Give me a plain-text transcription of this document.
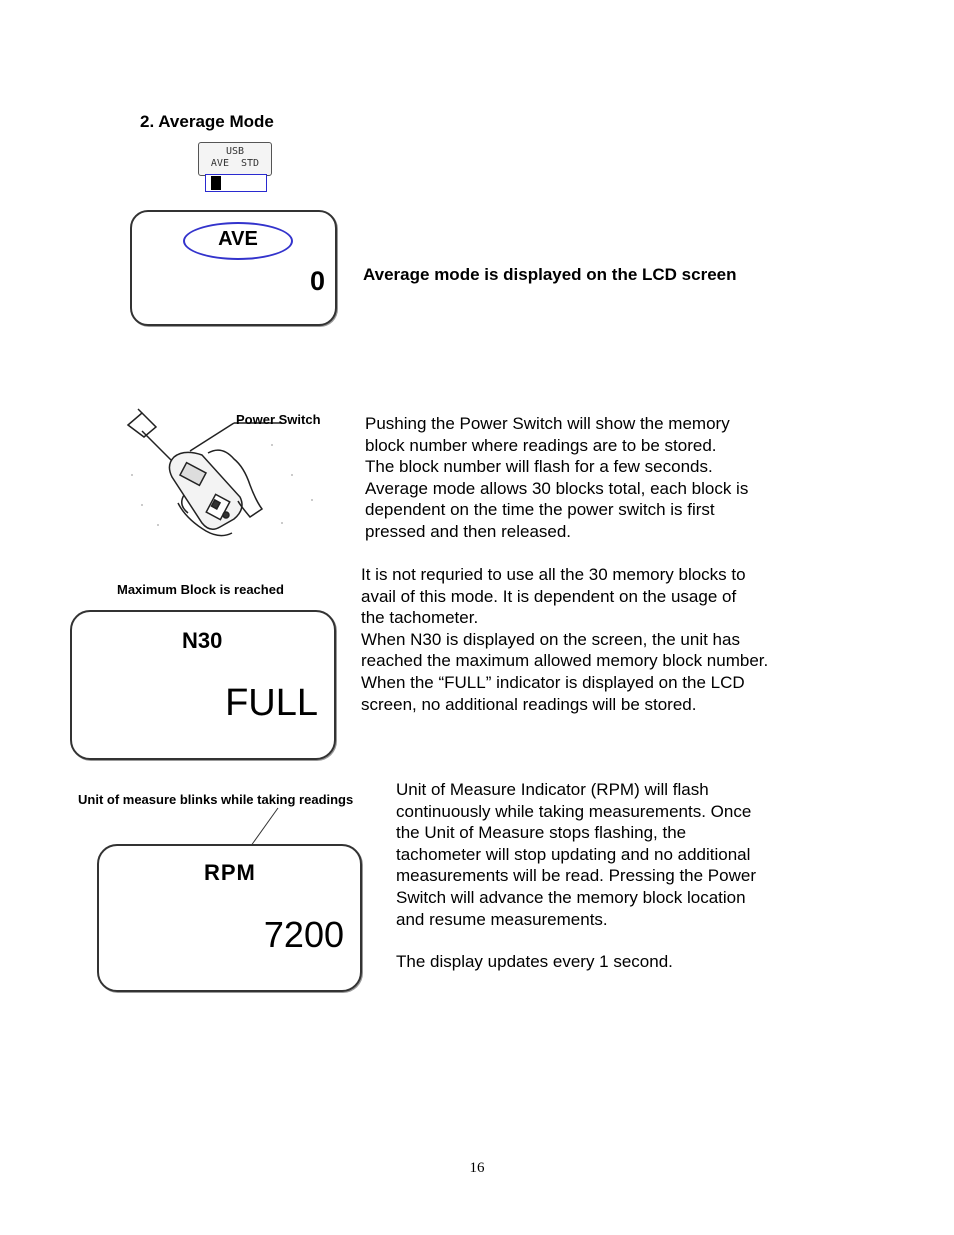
2. Average Mode
USB
AVE  STD
AVE
0 Average mode is displayed on the LCD screen
Power Switch	Pushing the Power Switch will show the memory
block number where readings are to be stored.
The block number will flash for a few seconds.
Average mode allows 30 blocks total, each block is
dependent on the time the power switch is first
pressed and then released.
Maximum Block is reached
N30
FULL
It is not requried to use all the 30 memory blocks to
avail of this mode. It is dependent on the usage of
the tachometer.
When N30 is displayed on the screen, the unit has
reached the maximum allowed memory block number.
When the “FULL” indicator is displayed on the LCD
screen, no additional readings will be stored.
Unit of measure blinks while taking readings
RPM
7200
Unit of Measure Indicator (RPM) will flash
continuously while taking measurements. Once
the Unit of Measure stops flashing, the
tachometer will stop updating and no additional
measurements will be read. Pressing the Power
Switch will advance the memory block location
and resume measurements.
The display updates every 1 second.
16
